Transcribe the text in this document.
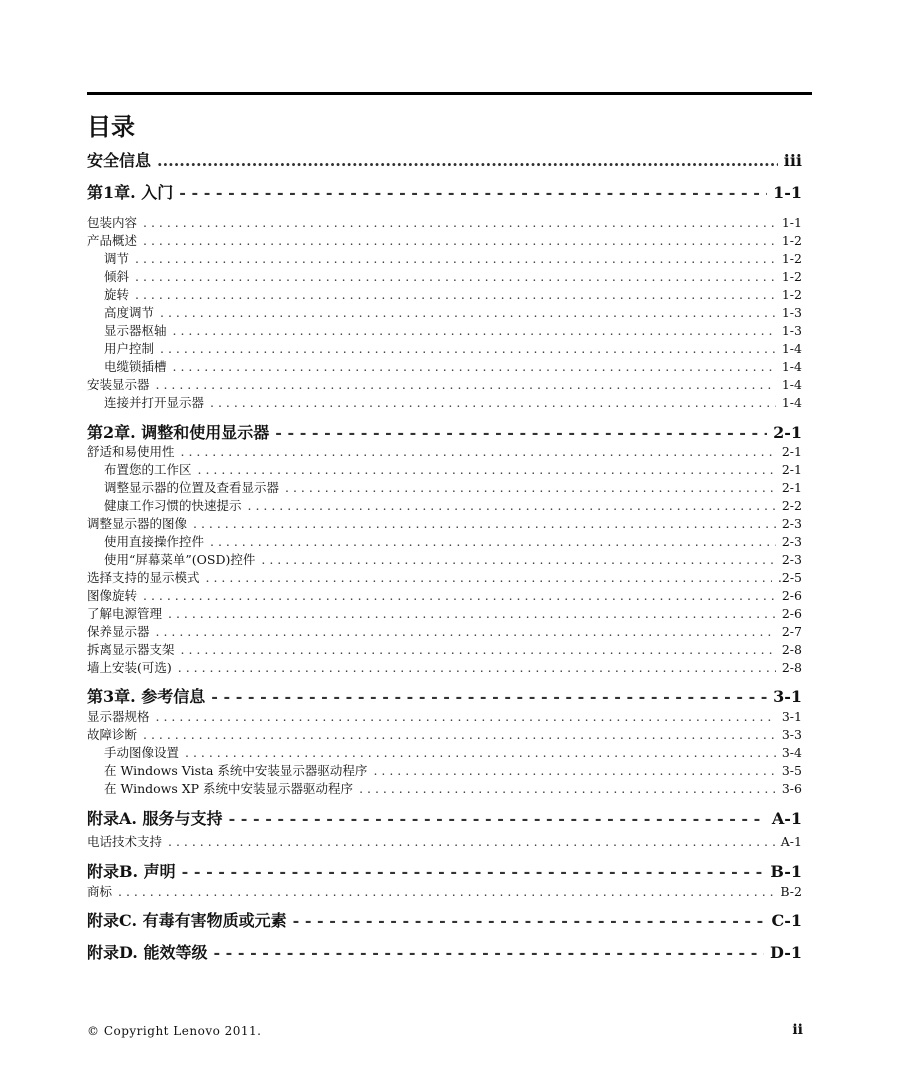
目录
安全信息 .....	iii
第1章. 入门 - - -	1-1
包装内容 . . .	1-1
产品概述 . . .	1-2
调节 . . .	1-2
倾斜 . . .	1-2
旋转 . . .	1-2
高度调节 . . .	1-3
显示器枢轴 . . .	1-3
用户控制 . . .	1-4
电缆锁插槽 . . .	1-4
安装显示器 . . .	1-4
连接并打开显示器 . . .	1-4
第2章. 调整和使用显示器 - - -	2-1
舒适和易使用性 . . .	2-1
布置您的工作区 . . .	2-1
调整显示器的位置及查看显示器 . . .	2-1
健康工作习惯的快速提示 . . .	2-2
调整显示器的图像 . . .	2-3
使用直接操作控件 . . .	2-3
使用“屏幕菜单”(OSD)控件 . . .	2-3
选择支持的显示模式 . . .	.2-5
图像旋转 . . .	2-6
了解电源管理 . . .	2-6
保养显示器 . . .	2-7
拆离显示器支架 . . .	2-8
墙上安装(可选) . . .	2-8
第3章. 参考信息 - - -	3-1
显示器规格 . . .	3-1
故障诊断 . . .	3-3
手动图像设置 . . .	3-4
在 Windows Vista 系统中安装显示器驱动程序 . . .	3-5
在 Windows XP 系统中安装显示器驱动程序 . . .	3-6
附录A. 服务与支持 - - -	A-1
电话技术支持 . . .	A-1
附录B. 声明 - - -	B-1
商标 . . .	B-2
附录C. 有毒有害物质或元素 - - -	C-1
附录D. 能效等级 - - -	D-1
© Copyright Lenovo 2011.	ii
